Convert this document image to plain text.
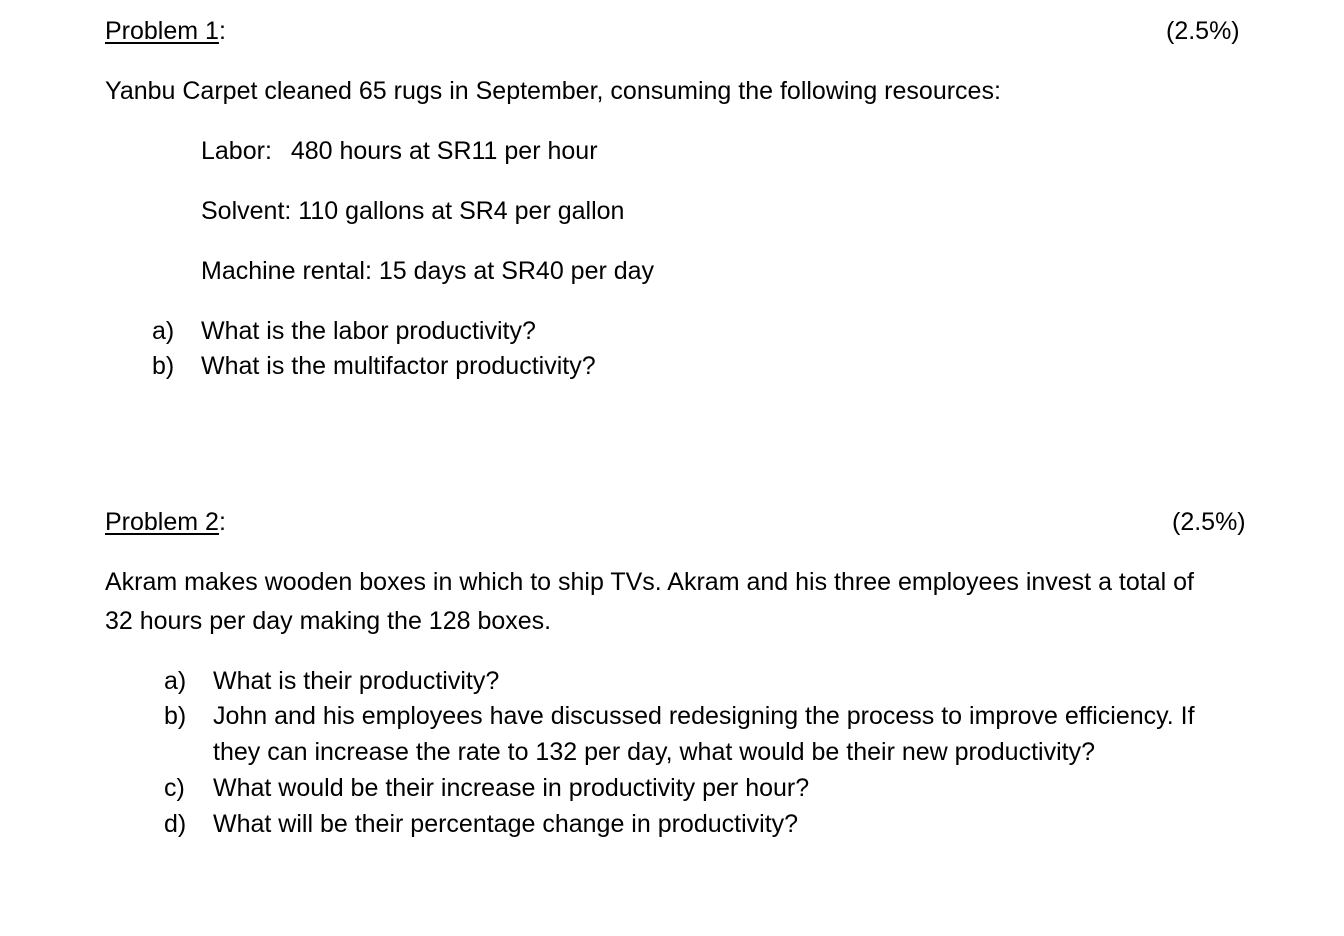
Problem 1:	(2.5%)
Yanbu Carpet cleaned 65 rugs in September, consuming the following resources:
Labor: 480 hours at SR11 per hour
Solvent: 110 gallons at SR4 per gallon
Machine rental: 15 days at SR40 per day
a) What is the labor productivity?
b) What is the multifactor productivity?
Problem 2:	(2.5%)
Akram makes wooden boxes in which to ship TVs. Akram and his three employees invest a total of
32 hours per day making the 128 boxes.
a) What is their productivity?
b) John and his employees have discussed redesigning the process to improve efficiency. If
they can increase the rate to 132 per day, what would be their new productivity?
c) What would be their increase in productivity per hour?
d) What will be their percentage change in productivity?
